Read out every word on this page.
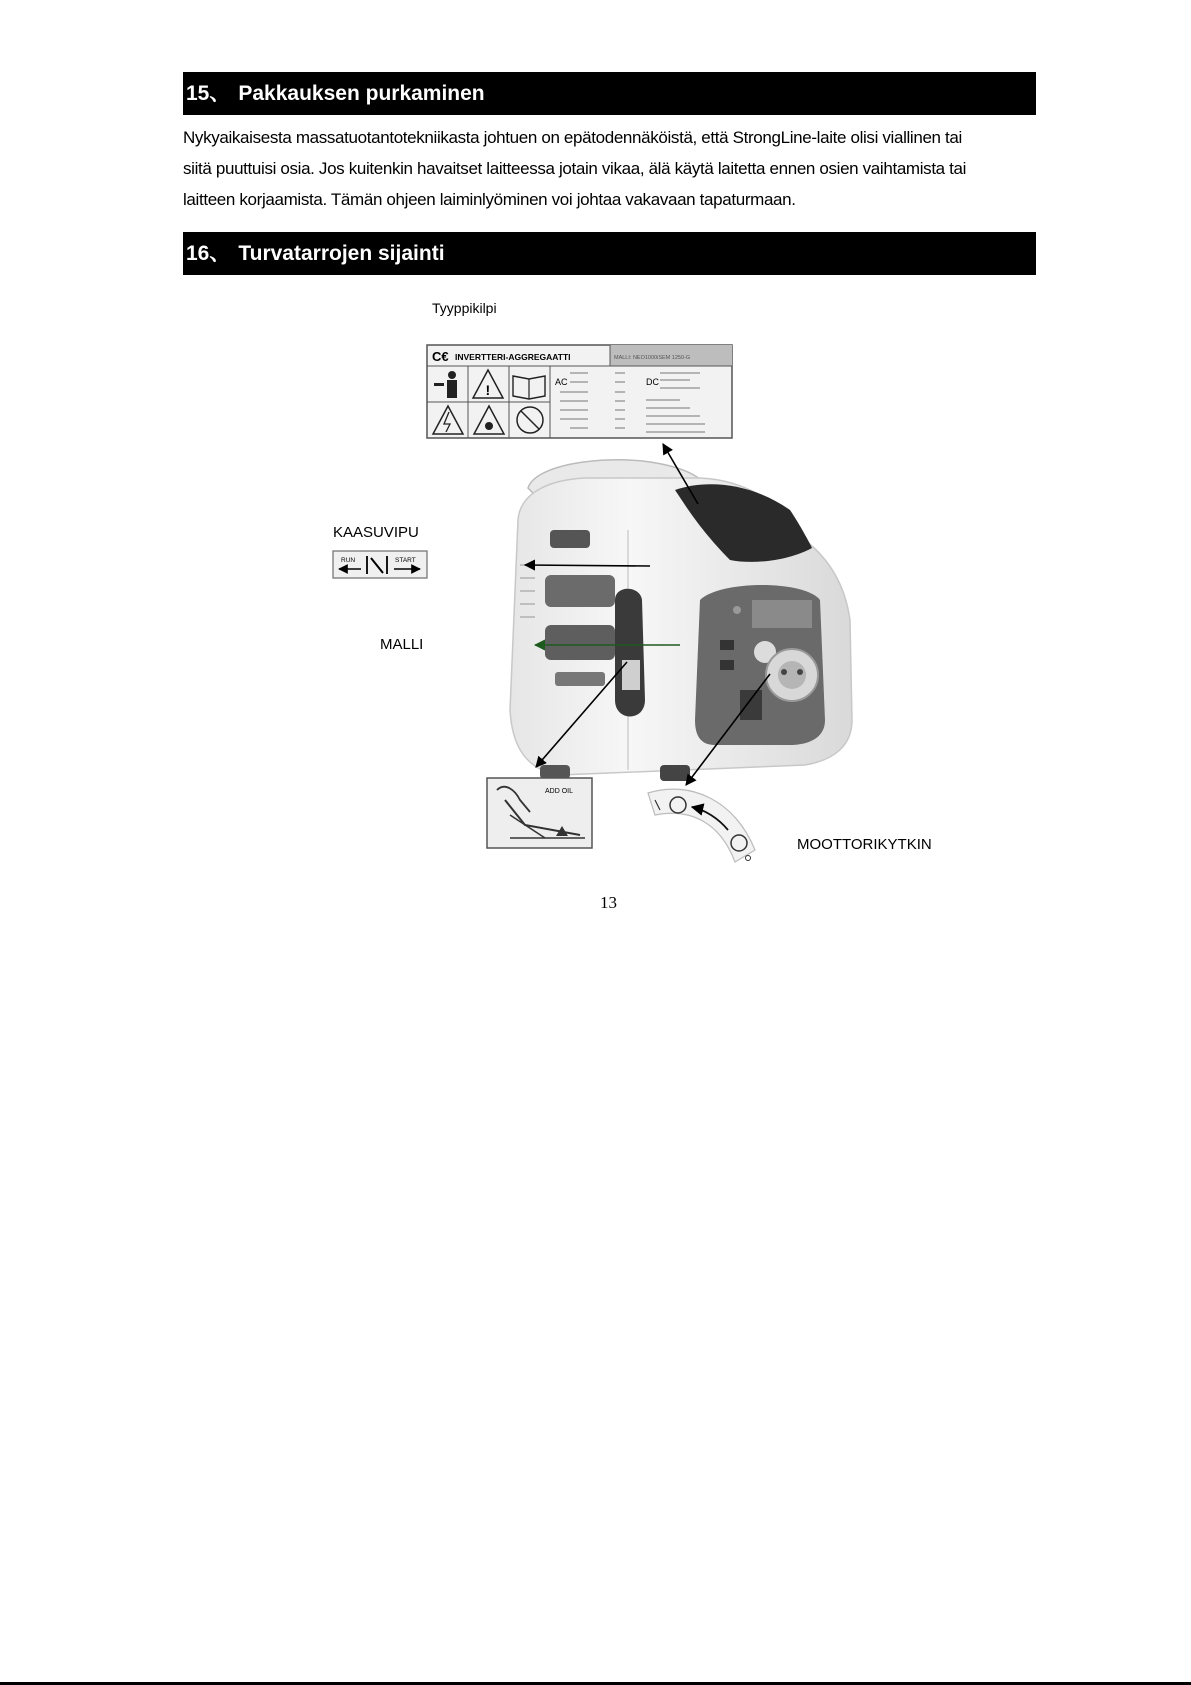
15、 Pakkauksen purkaminen
Nykyaikaisesta massatuotantotekniikasta johtuen on epätodennäköistä, että StrongLine-laite olisi viallinen tai
siitä puuttuisi osia. Jos kuitenkin havaitset laitteessa jotain vikaa, älä käytä laitetta ennen osien vaihtamista tai
laitteen korjaamista. Tämän ohjeen laiminlyöminen voi johtaa vakavaan tapaturmaan.
16、 Turvatarrojen sijainti
C€ INVERTTERI-AGGREGAATTI	MALLI: NEO1000iSEM 1250-G
!	AC	DC
RUN	START
ADD OIL
Tyyppikilpi
KAASUVIPU
MALLI
MOOTTORIKYTKIN
13
